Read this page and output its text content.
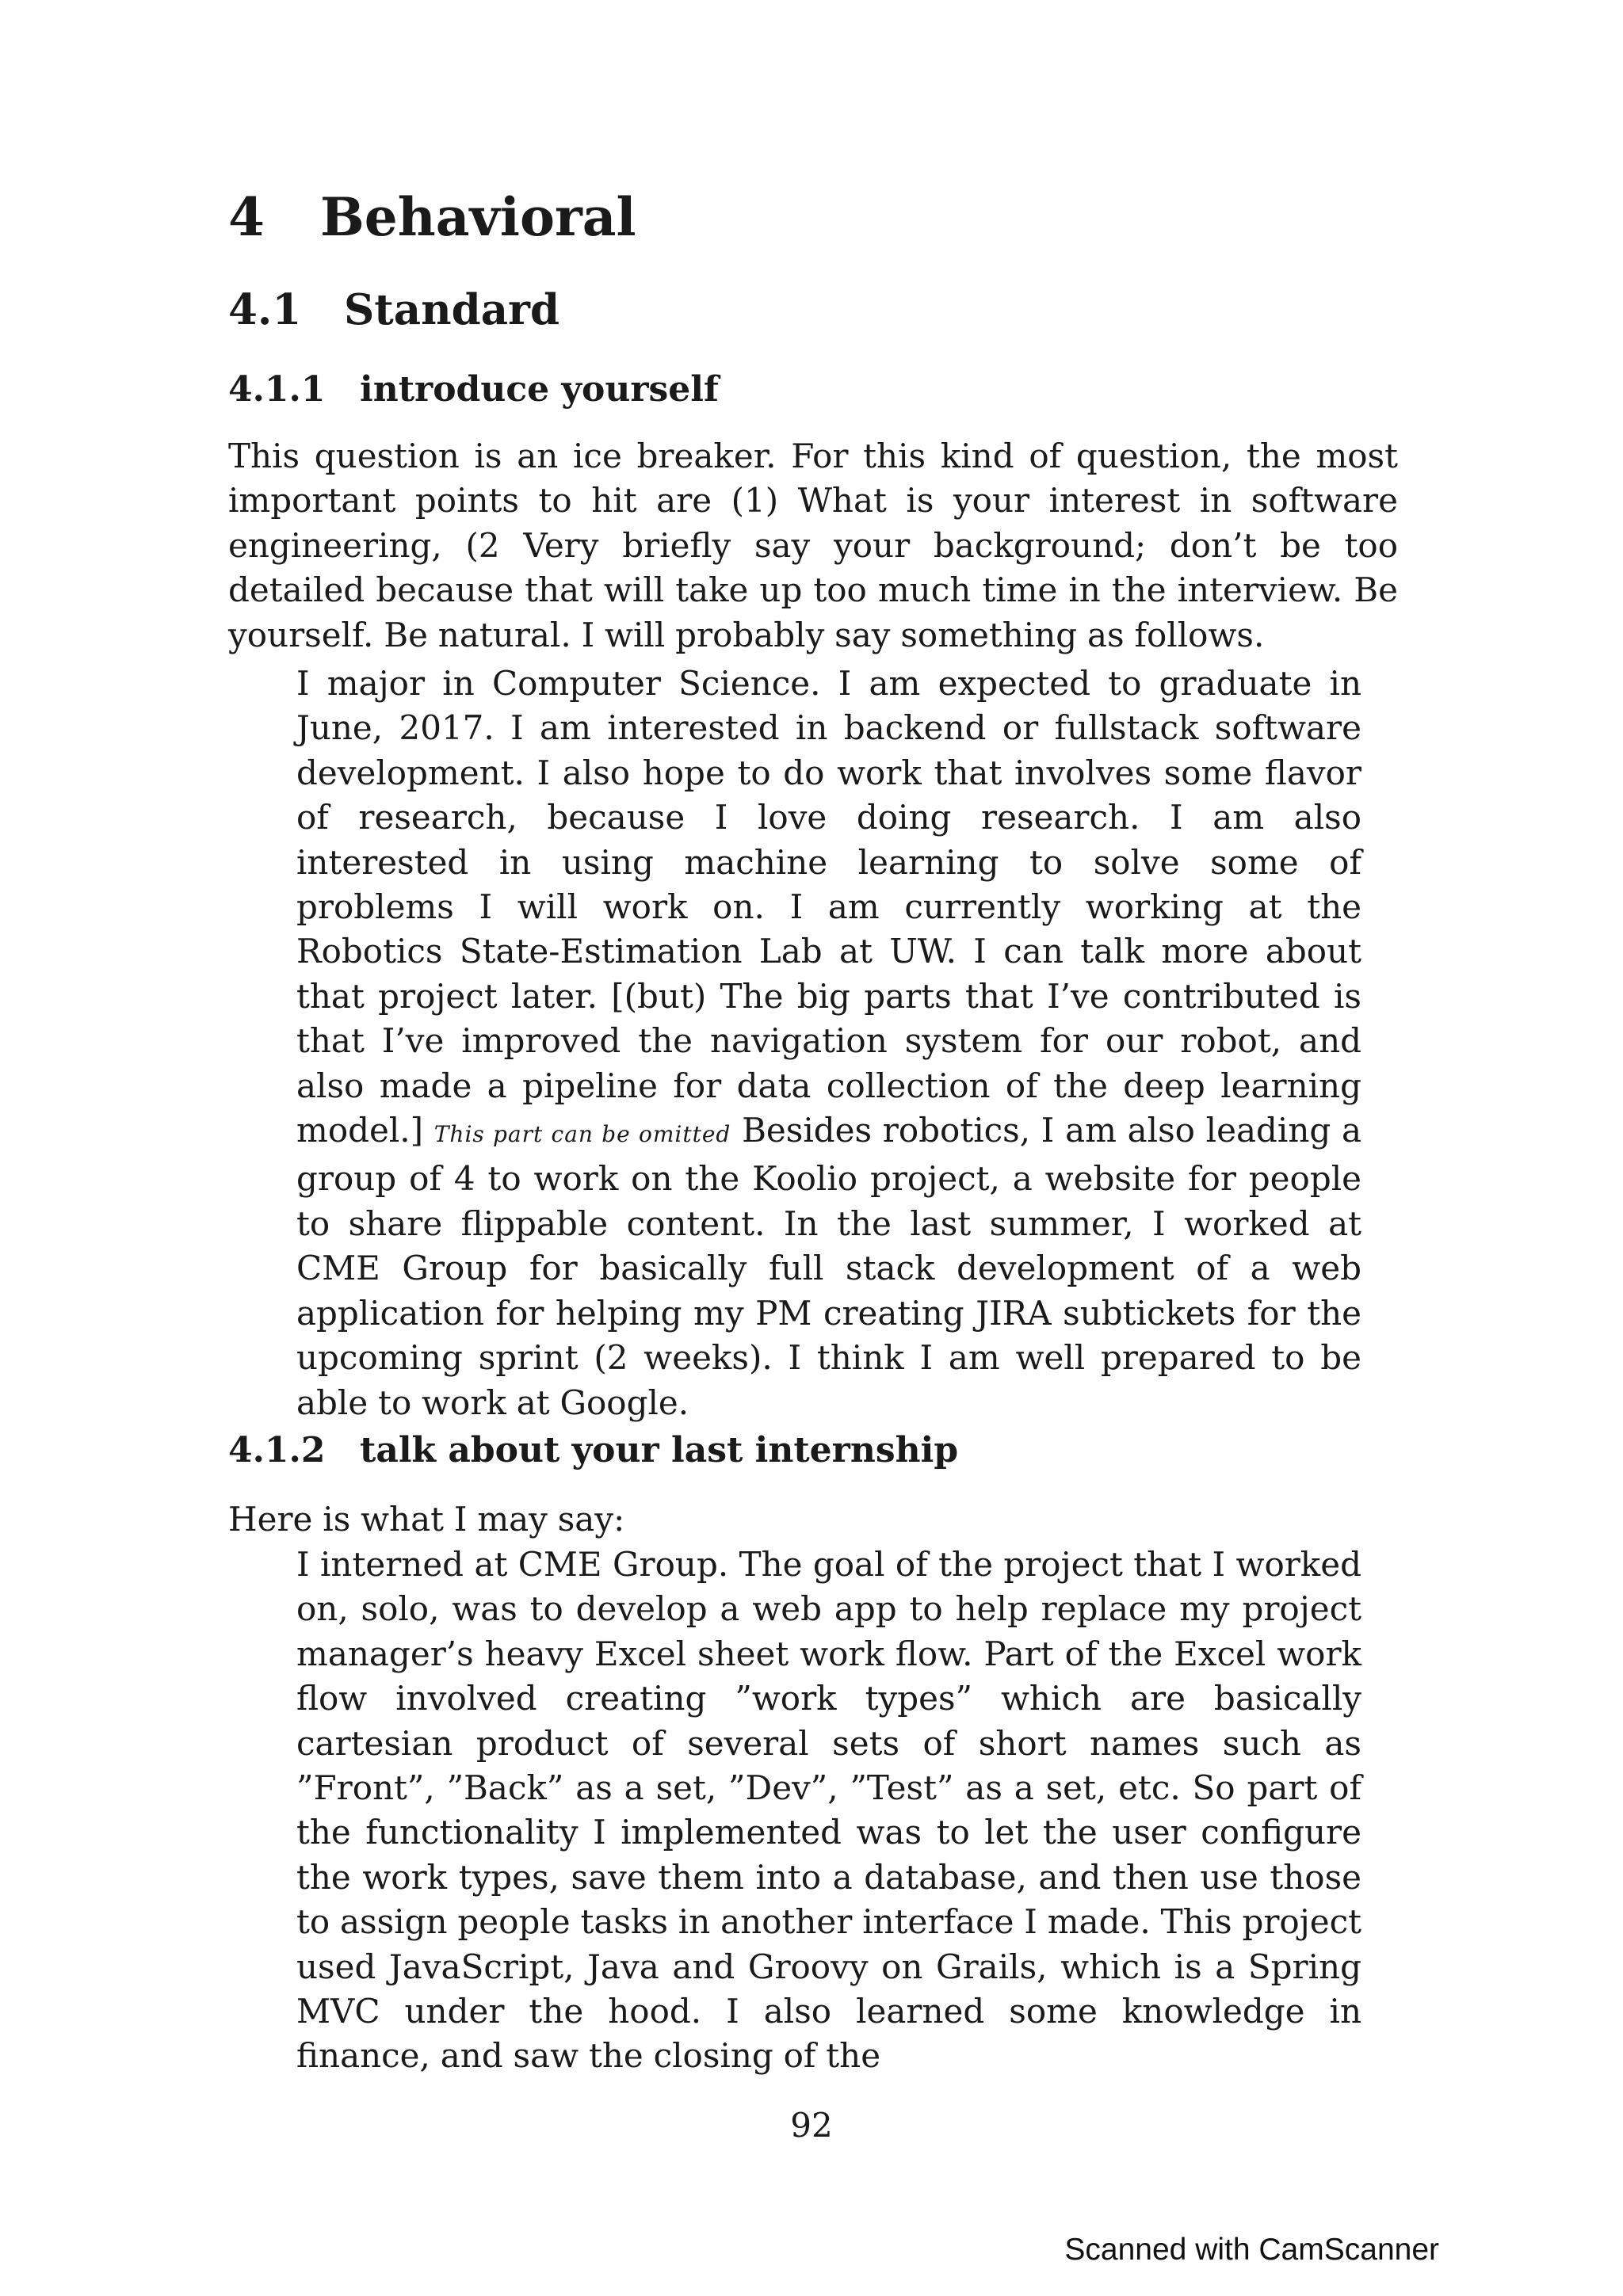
4 Behavioral
4.1 Standard
4.1.1 introduce yourself

This question is an ice breaker. For this kind of question, the most important points to hit are (1) What is your interest in software engineering, (2 Very briefly say your background; don’t be too detailed because that will take up too much time in the interview. Be yourself. Be natural. I will probably say something as follows.

I major in Computer Science. I am expected to graduate in June, 2017. I am interested in backend or fullstack software development. I also hope to do work that involves some flavor of research, because I love doing research. I am also interested in using machine learning to solve some of problems I will work on. I am currently working at the Robotics State-Estimation Lab at UW. I can talk more about that project later. [(but) The big parts that I’ve contributed is that I’ve improved the navigation system for our robot, and also made a pipeline for data collection of the deep learning model.] This part can be omitted Besides robotics, I am also leading a group of 4 to work on the Koolio project, a website for people to share flippable content. In the last summer, I worked at CME Group for basically full stack development of a web application for helping my PM creating JIRA subtickets for the upcoming sprint (2 weeks). I think I am well prepared to be able to work at Google.

4.1.2 talk about your last internship

Here is what I may say:

I interned at CME Group. The goal of the project that I worked on, solo, was to develop a web app to help replace my project manager’s heavy Excel sheet work flow. Part of the Excel work flow involved creating ”work types” which are basically cartesian product of several sets of short names such as ”Front”, ”Back” as a set, ”Dev”, ”Test” as a set, etc. So part of the functionality I implemented was to let the user configure the work types, save them into a database, and then use those to assign people tasks in another interface I made. This project used JavaScript, Java and Groovy on Grails, which is a Spring MVC under the hood. I also learned some knowledge in finance, and saw the closing of the

92
Scanned with CamScanner
